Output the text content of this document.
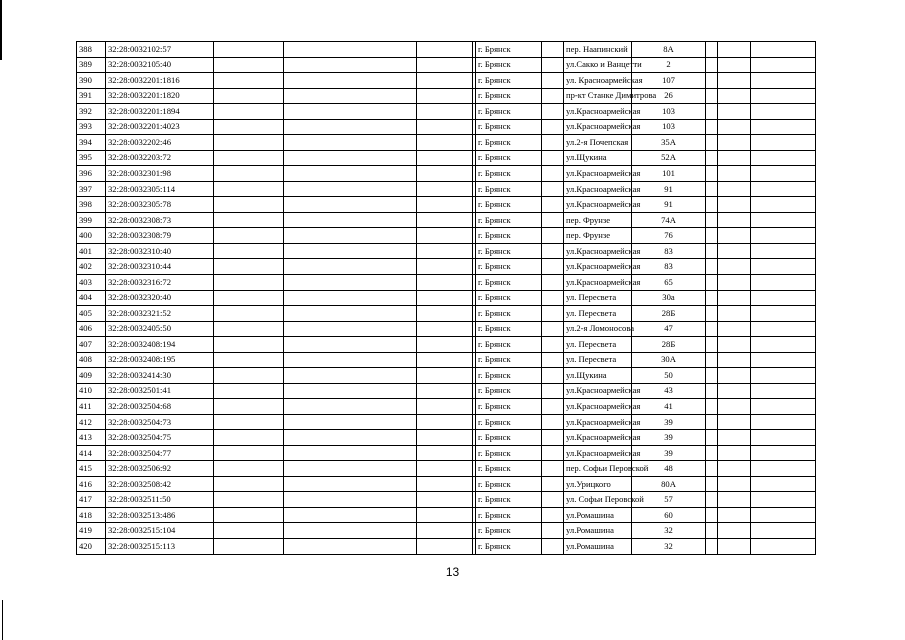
388	32:28:0032102:57					г. Брянск		пер. Наапинский	8А			
389	32:28:0032105:40					г. Брянск		ул.Сакко и Ванцетти	2			
390	32:28:0032201:1816					г. Брянск		ул. Красноармейская	107			
391	32:28:0032201:1820					г. Брянск		пр-кт Станке Димитрова	26			
392	32:28:0032201:1894					г. Брянск		ул.Красноармейская	103			
393	32:28:0032201:4023					г. Брянск		ул.Красноармейская	103			
394	32:28:0032202:46					г. Брянск		ул.2-я Почепская	35А			
395	32:28:0032203:72					г. Брянск		ул.Щукина	52А			
396	32:28:0032301:98					г. Брянск		ул.Красноармейская	101			
397	32:28:0032305:114					г. Брянск		ул.Красноармейская	91			
398	32:28:0032305:78					г. Брянск		ул.Красноармейская	91			
399	32:28:0032308:73					г. Брянск		пер. Фрунзе	74А			
400	32:28:0032308:79					г. Брянск		пер. Фрунзе	76			
401	32:28:0032310:40					г. Брянск		ул.Красноармейская	83			
402	32:28:0032310:44					г. Брянск		ул.Красноармейская	83			
403	32:28:0032316:72					г. Брянск		ул.Красноармейская	65			
404	32:28:0032320:40					г. Брянск		ул. Пересвета	30а			
405	32:28:0032321:52					г. Брянск		ул. Пересвета	28Б			
406	32:28:0032405:50					г. Брянск		ул.2-я Ломоносова	47			
407	32:28:0032408:194					г. Брянск		ул. Пересвета	28Б			
408	32:28:0032408:195					г. Брянск		ул. Пересвета	30А			
409	32:28:0032414:30					г. Брянск		ул.Щукина	50			
410	32:28:0032501:41					г. Брянск		ул.Красноармейская	43			
411	32:28:0032504:68					г. Брянск		ул.Красноармейская	41			
412	32:28:0032504:73					г. Брянск		ул.Красноармейская	39			
413	32:28:0032504:75					г. Брянск		ул.Красноармейская	39			
414	32:28:0032504:77					г. Брянск		ул.Красноармейская	39			
415	32:28:0032506:92					г. Брянск		пер. Софьи Перовской	48			
416	32:28:0032508:42					г. Брянск		ул.Урицкого	80А			
417	32:28:0032511:50					г. Брянск		ул. Софьи Перовской	57			
418	32:28:0032513:486					г. Брянск		ул.Ромашина	60			
419	32:28:0032515:104					г. Брянск		ул.Ромашина	32			
420	32:28:0032515:113					г. Брянск		ул.Ромашина	32			
13
